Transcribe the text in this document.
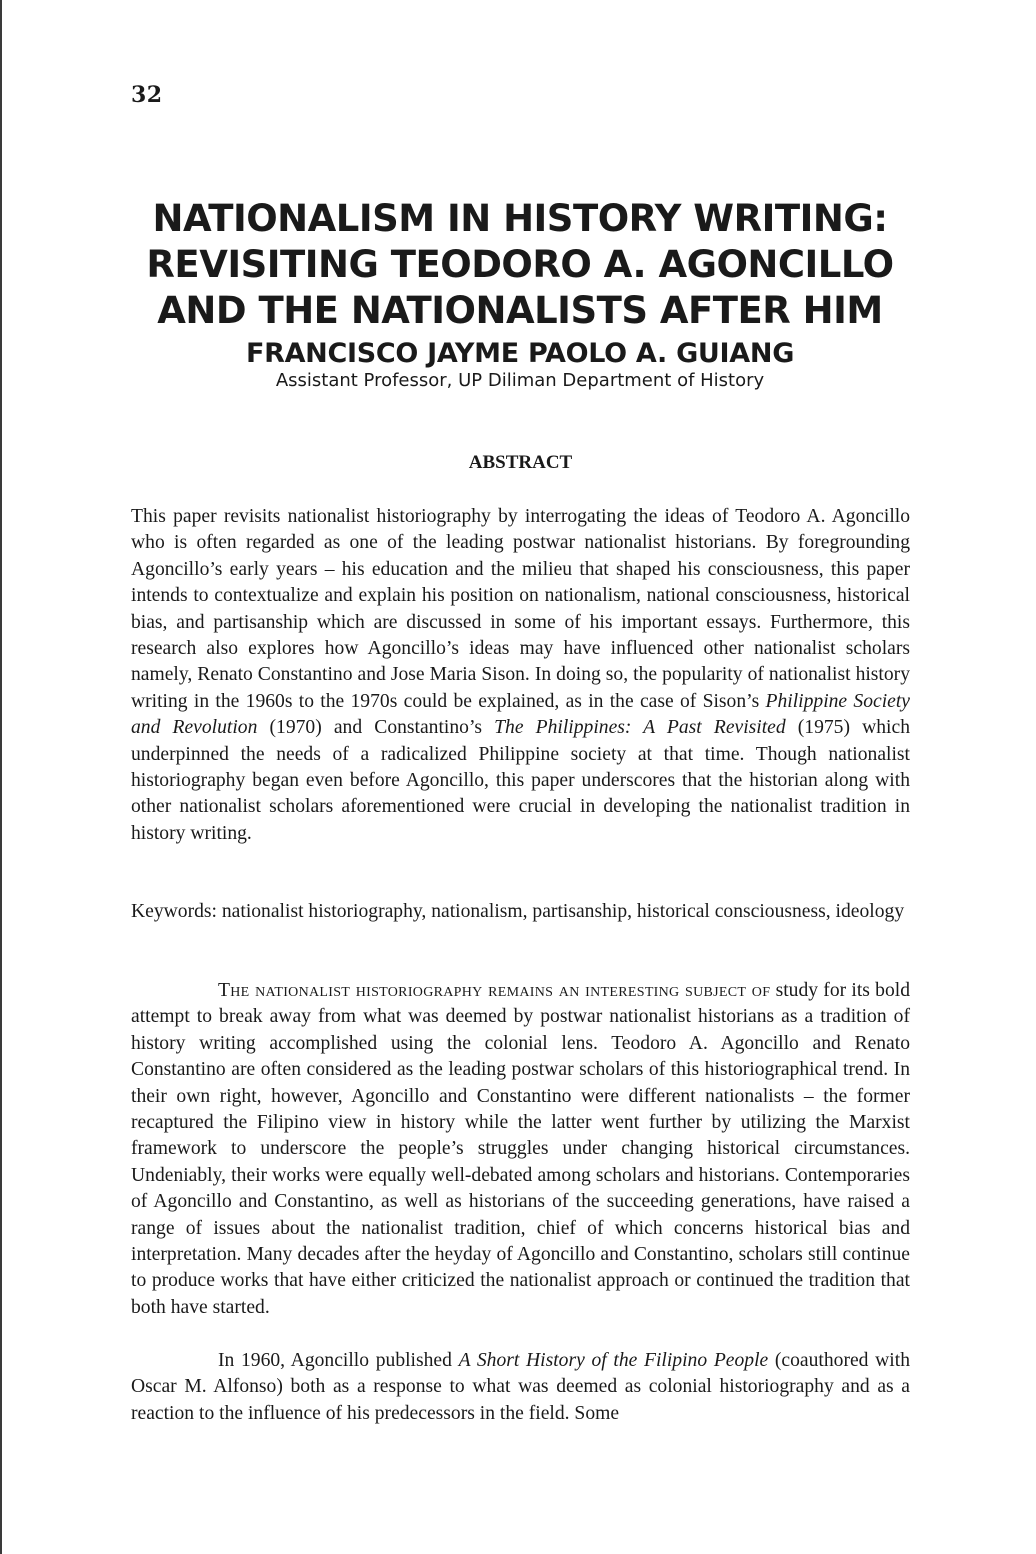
32
NATIONALISM IN HISTORY WRITING:
REVISITING TEODORO A. AGONCILLO
AND THE NATIONALISTS AFTER HIM
FRANCISCO JAYME PAOLO A. GUIANG
Assistant Professor, UP Diliman Department of History
ABSTRACT

This paper revisits nationalist historiography by interrogating the ideas of Teodoro A. Agoncillo who is often regarded as one of the leading postwar nationalist historians. By foregrounding Agoncillo’s early years – his education and the milieu that shaped his consciousness, this paper intends to contextualize and explain his position on nationalism, national consciousness, historical bias, and partisanship which are discussed in some of his important essays. Furthermore, this research also explores how Agoncillo’s ideas may have influenced other nationalist scholars namely, Renato Constantino and Jose Maria Sison. In doing so, the popularity of nationalist history writing in the 1960s to the 1970s could be explained, as in the case of Sison’s Philippine Society and Revolution (1970) and Constantino’s The Philippines: A Past Revisited (1975) which underpinned the needs of a radicalized Philippine society at that time. Though nationalist historiography began even before Agoncillo, this paper underscores that the historian along with other nationalist scholars aforementioned were crucial in developing the nationalist tradition in history writing.

Keywords: nationalist historiography, nationalism, partisanship, historical consciousness, ideology

The nationalist historiography remains an interesting subject of study for its bold attempt to break away from what was deemed by postwar nationalist historians as a tradition of history writing accomplished using the colonial lens. Teodoro A. Agoncillo and Renato Constantino are often considered as the leading postwar scholars of this historiographical trend. In their own right, however, Agoncillo and Constantino were different nationalists – the former recaptured the Filipino view in history while the latter went further by utilizing the Marxist framework to underscore the people’s struggles under changing historical circumstances. Undeniably, their works were equally well-debated among scholars and historians. Contemporaries of Agoncillo and Constantino, as well as historians of the succeeding generations, have raised a range of issues about the nationalist tradition, chief of which concerns historical bias and interpretation. Many decades after the heyday of Agoncillo and Constantino, scholars still continue to produce works that have either criticized the nationalist approach or continued the tradition that both have started.

In 1960, Agoncillo published A Short History of the Filipino People (coauthored with Oscar M. Alfonso) both as a response to what was deemed as colonial historiography and as a reaction to the influence of his predecessors in the field. Some
